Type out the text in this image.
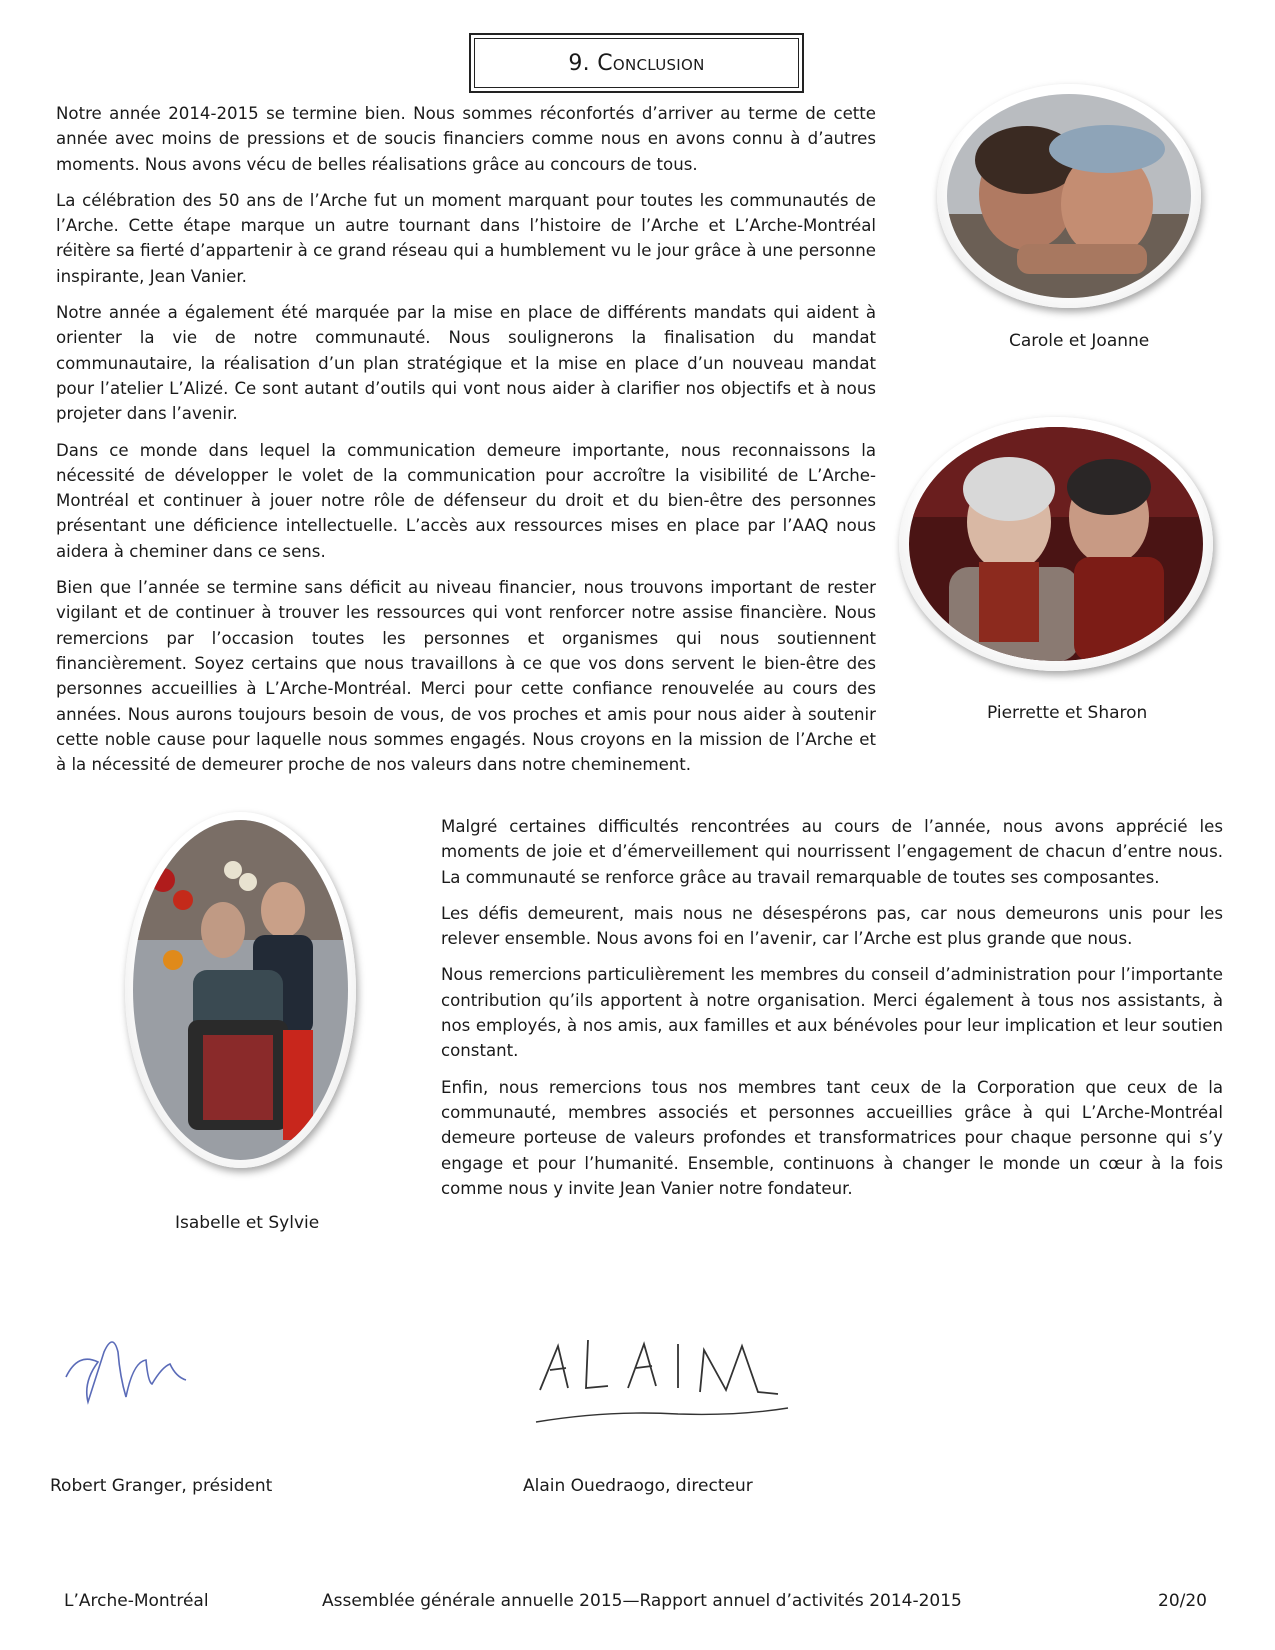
9. Conclusion

Notre année 2014-2015 se termine bien. Nous sommes réconfortés d’arriver au terme de cette année avec moins de pressions et de soucis financiers comme nous en avons connu à d’autres moments. Nous avons vécu de belles réalisations grâce au concours de tous.

La célébration des 50 ans de l’Arche fut un moment marquant pour toutes les communautés de l’Arche. Cette étape marque un autre tournant dans l’histoire de l’Arche et L’Arche-Montréal réitère sa fierté d’appartenir à ce grand réseau qui a humblement vu le jour grâce à une personne inspirante, Jean Vanier.

Notre année a également été marquée par la mise en place de différents mandats qui aident à orienter la vie de notre communauté. Nous soulignerons la finalisation du mandat communautaire, la réalisation d’un plan stratégique et la mise en place d’un nouveau mandat pour l’atelier L’Alizé. Ce sont autant d’outils qui vont nous aider à clarifier nos objectifs et à nous projeter dans l’avenir.

Dans ce monde dans lequel la communication demeure importante, nous reconnaissons la nécessité de développer le volet de la communication pour accroître la visibilité de L’Arche-Montréal et continuer à jouer notre rôle de défenseur du droit et du bien-être des personnes présentant une déficience intellectuelle. L’accès aux ressources mises en place par l’AAQ nous aidera à cheminer dans ce sens.

Bien que l’année se termine sans déficit au niveau financier, nous trouvons important de rester vigilant et de continuer à trouver les ressources qui vont renforcer notre assise financière. Nous remercions par l’occasion toutes les personnes et organismes qui nous soutiennent financièrement. Soyez certains que nous travaillons à ce que vos dons servent le bien-être des personnes accueillies à L’Arche-Montréal. Merci pour cette confiance renouvelée au cours des années. Nous aurons toujours besoin de vous, de vos proches et amis pour nous aider à soutenir cette noble cause pour laquelle nous sommes engagés. Nous croyons en la mission de l’Arche et à la nécessité de demeurer proche de nos valeurs dans notre cheminement.

Carole et Joanne
Pierrette et Sharon
Isabelle et Sylvie

Malgré certaines difficultés rencontrées au cours de l’année, nous avons apprécié les moments de joie et d’émerveillement qui nourrissent l’engagement de chacun d’entre nous. La communauté se renforce grâce au travail remarquable de toutes ses composantes.

Les défis demeurent, mais nous ne désespérons pas, car nous demeurons unis pour les relever ensemble. Nous avons foi en l’avenir, car l’Arche est plus grande que nous.

Nous remercions particulièrement les membres du conseil d’administration pour l’importante contribution qu’ils apportent à notre organisation. Merci également à tous nos assistants, à nos employés, à nos amis, aux familles et aux bénévoles pour leur implication et leur soutien constant.

Enfin, nous remercions tous nos membres tant ceux de la Corporation que ceux de la communauté, membres associés et personnes accueillies grâce à qui L’Arche-Montréal demeure porteuse de valeurs profondes et transformatrices pour chaque personne qui s’y engage et pour l’humanité. Ensemble, continuons à changer le monde un cœur à la fois comme nous y invite Jean Vanier notre fondateur.

Robert Granger, président	Alain Ouedraogo, directeur
L’Arche-Montréal	Assemblée générale annuelle 2015—Rapport annuel d’activités 2014-2015	20/20
